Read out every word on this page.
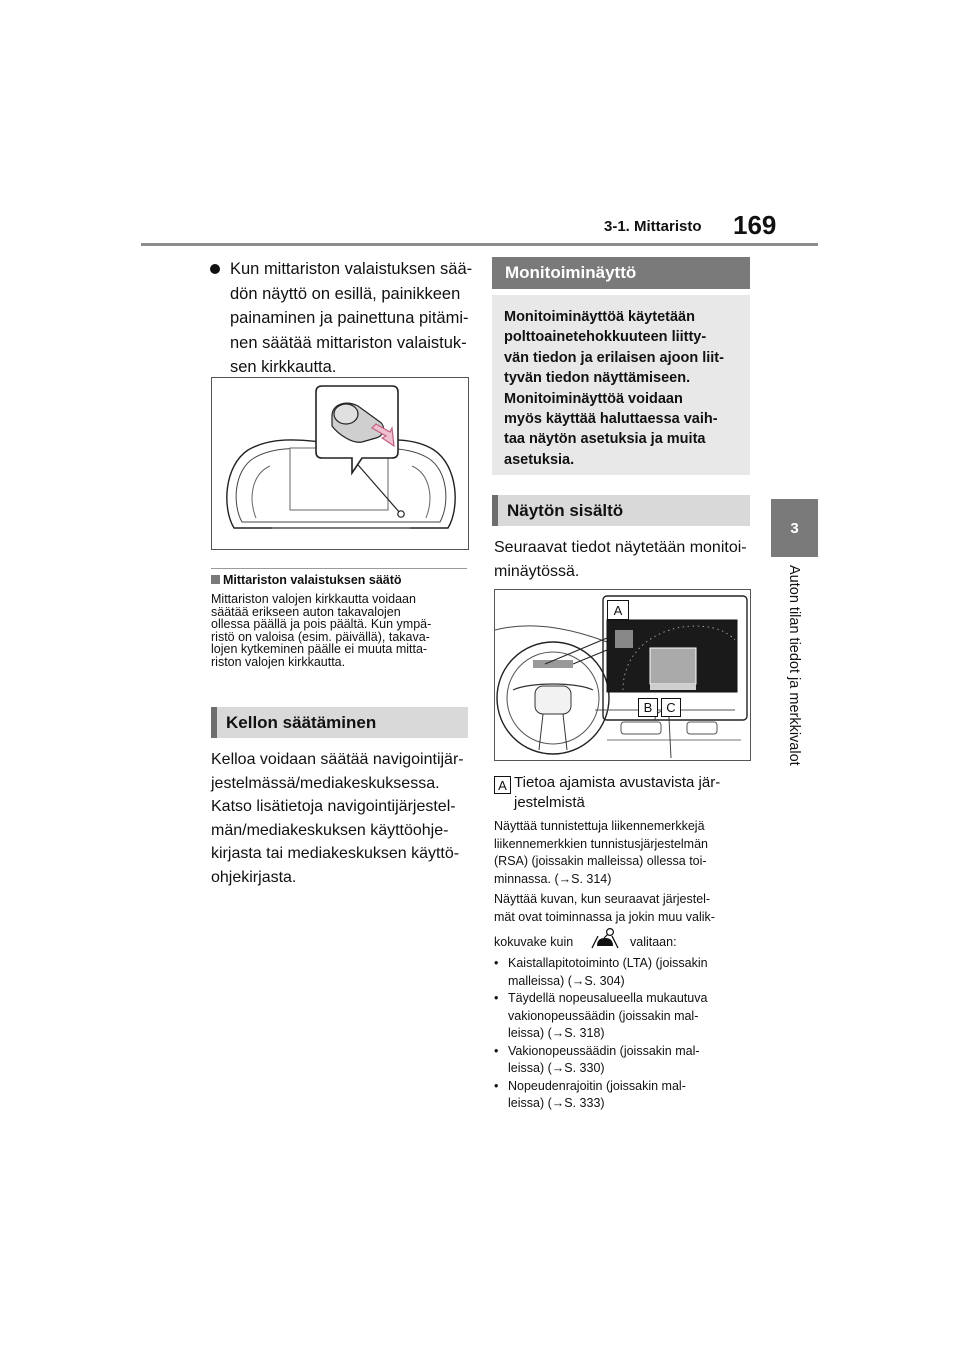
3-1. Mittaristo 169
3
Auton tilan tiedot ja merkkivalot
Kun mittariston valaistuksen sää-
dön näyttö on esillä, painikkeen
painaminen ja painettuna pitämi-
nen säätää mittariston valaistuk-
sen kirkkautta.
Mittariston valaistuksen säätö
Mittariston valojen kirkkautta voidaan
säätää erikseen auton takavalojen
ollessa päällä ja pois päältä. Kun ympä-
ristö on valoisa (esim. päivällä), takava-
lojen kytkeminen päälle ei muuta mitta-
riston valojen kirkkautta.
Kellon säätäminen
Kelloa voidaan säätää navigointijär-
jestelmässä/mediakeskuksessa.
Katso lisätietoja navigointijärjestel-
män/mediakeskuksen käyttöohje-
kirjasta tai mediakeskuksen käyttö-
ohjekirjasta.
Monitoiminäyttö
Monitoiminäyttöä käytetään
polttoainetehokkuuteen liitty-
vän tiedon ja erilaisen ajoon liit-
tyvän tiedon näyttämiseen.
Monitoiminäyttöä voidaan
myös käyttää haluttaessa vaih-
taa näytön asetuksia ja muita
asetuksia.
Näytön sisältö
Seuraavat tiedot näytetään monitoi-
minäytössä.
A
B	C
A Tietoa ajamista avustavista jär-
jestelmistä
Näyttää tunnistettuja liikennemerkkejä
liikennemerkkien tunnistusjärjestelmän
(RSA) (joissakin malleissa) ollessa toi-
minnassa. (→S. 314)
Näyttää kuvan, kun seuraavat järjestel-
mät ovat toiminnassa ja jokin muu valik-
kokuvake kuin	valitaan:
• Kaistallapitotoiminto (LTA) (joissakin
malleissa) (→S. 304)
• Täydellä nopeusalueella mukautuva
vakionopeussäädin (joissakin mal-
leissa) (→S. 318)
• Vakionopeussäädin (joissakin mal-
leissa) (→S. 330)
• Nopeudenrajoitin (joissakin mal-
leissa) (→S. 333)
